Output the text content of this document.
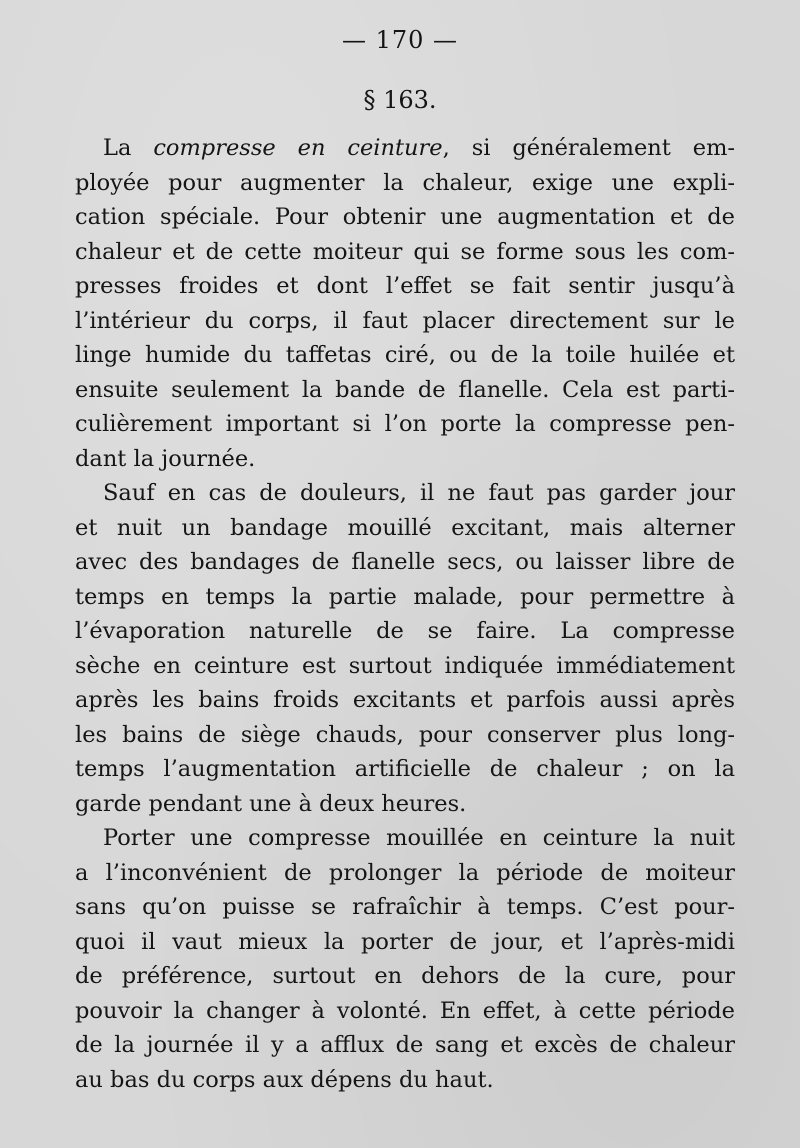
— 170 —
§ 163.
La compresse en ceinture, si généralement em-
ployée pour augmenter la chaleur, exige une expli-
cation spéciale. Pour obtenir une augmentation et de
chaleur et de cette moiteur qui se forme sous les com-
presses froides et dont l’effet se fait sentir jusqu’à
l’intérieur du corps, il faut placer directement sur le
linge humide du taffetas ciré, ou de la toile huilée et
ensuite seulement la bande de flanelle. Cela est parti-
culièrement important si l’on porte la compresse pen-
dant la journée.
Sauf en cas de douleurs, il ne faut pas garder jour
et nuit un bandage mouillé excitant, mais alterner
avec des bandages de flanelle secs, ou laisser libre de
temps en temps la partie malade, pour permettre à
l’évaporation naturelle de se faire. La compresse
sèche en ceinture est surtout indiquée immédiatement
après les bains froids excitants et parfois aussi après
les bains de siège chauds, pour conserver plus long-
temps l’augmentation artificielle de chaleur ; on la
garde pendant une à deux heures.
Porter une compresse mouillée en ceinture la nuit
a l’inconvénient de prolonger la période de moiteur
sans qu’on puisse se rafraîchir à temps. C’est pour-
quoi il vaut mieux la porter de jour, et l’après-midi
de préférence, surtout en dehors de la cure, pour
pouvoir la changer à volonté. En effet, à cette période
de la journée il y a afflux de sang et excès de chaleur
au bas du corps aux dépens du haut.
